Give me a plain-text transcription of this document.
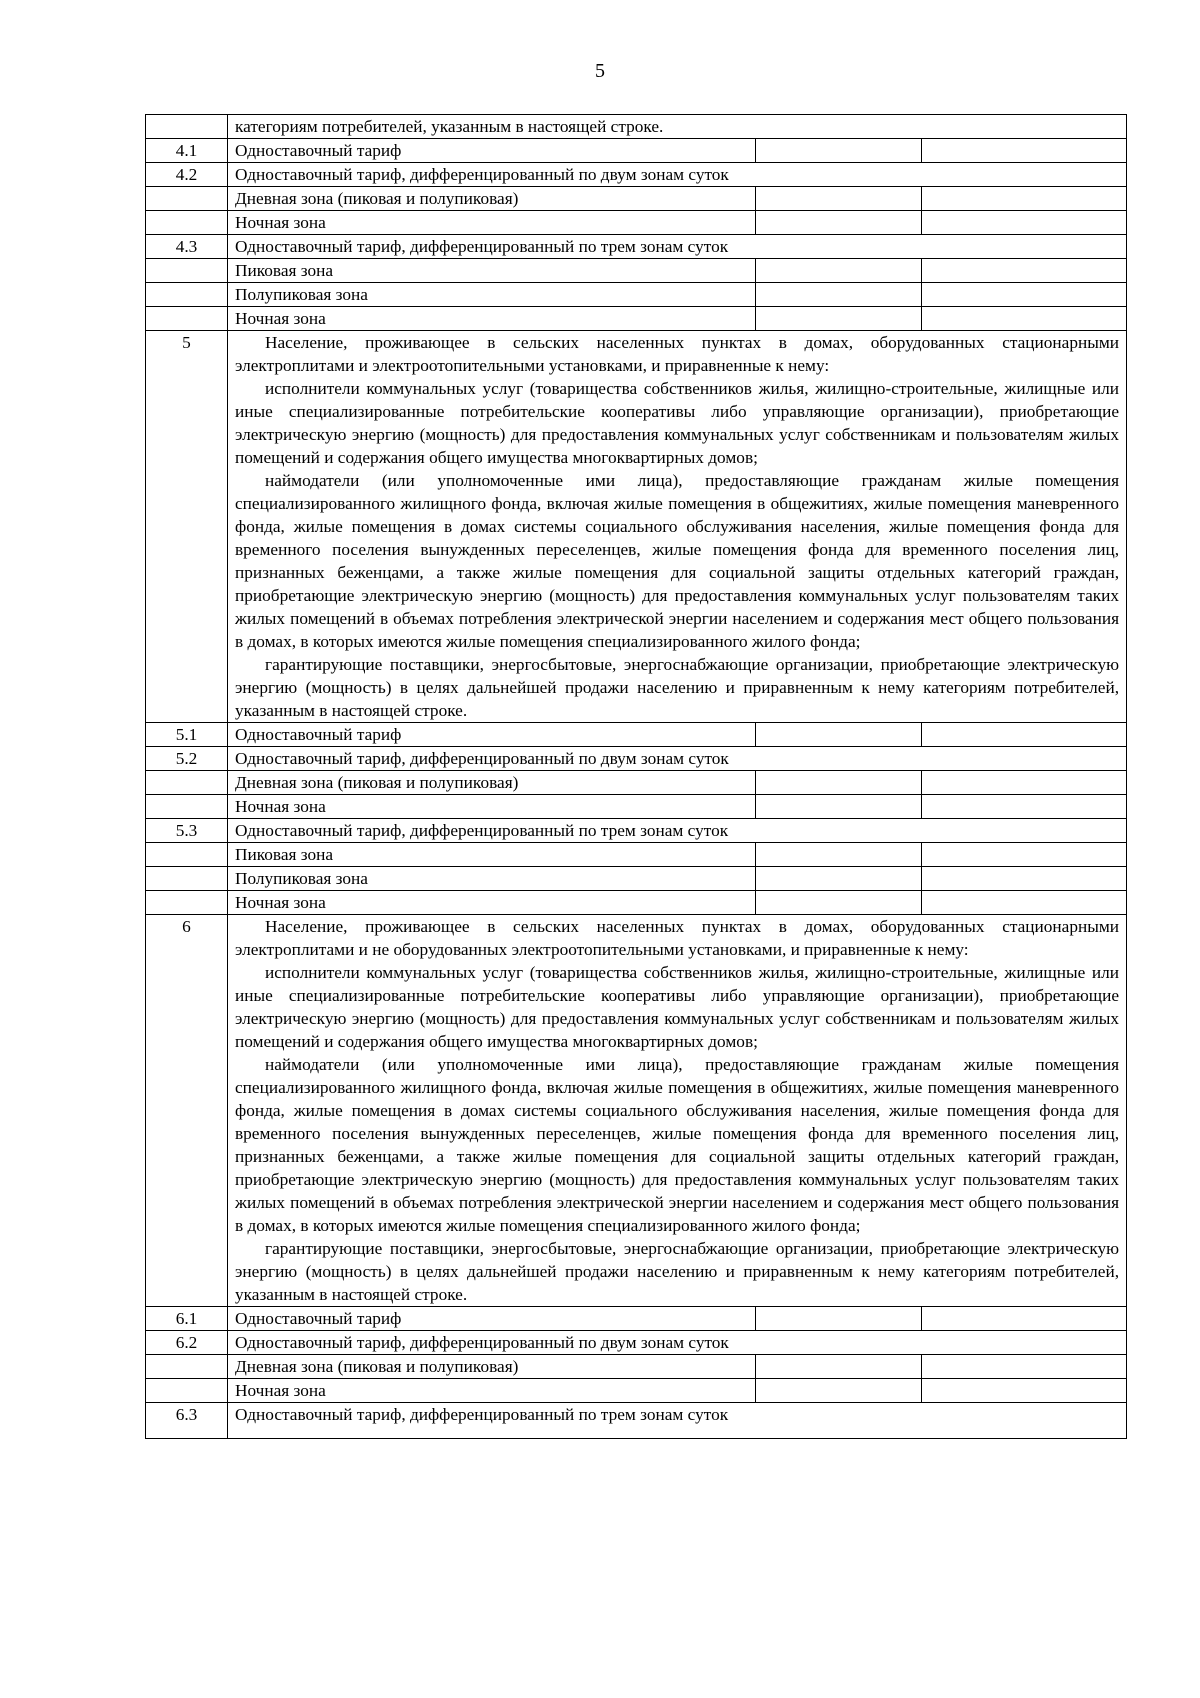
5
	категориям потребителей, указанным в настоящей строке.		
4.1	Одноставочный тариф		
4.2	Одноставочный тариф, дифференцированный по двум зонам суток		
	Дневная зона (пиковая и полупиковая)		
	Ночная зона		
4.3	Одноставочный тариф, дифференцированный по трем зонам суток		
	Пиковая зона		
	Полупиковая зона		
	Ночная зона		
5	Население, проживающее в сельских населенных пунктах в домах, оборудованных стационарными электроплитами и электроотопительными установками, и приравненные к нему:

исполнители коммунальных услуг (товарищества собственников жилья, жилищно-строительные, жилищные или иные специализированные потребительские кооперативы либо управляющие организации), приобретающие электрическую энергию (мощность) для предоставления коммунальных услуг собственникам и пользователям жилых помещений и содержания общего имущества многоквартирных домов;

наймодатели (или уполномоченные ими лица), предоставляющие гражданам жилые помещения специализированного жилищного фонда, включая жилые помещения в общежитиях, жилые помещения маневренного фонда, жилые помещения в домах системы социального обслуживания населения, жилые помещения фонда для временного поселения вынужденных переселенцев, жилые помещения фонда для временного поселения лиц, признанных беженцами, а также жилые помещения для социальной защиты отдельных категорий граждан, приобретающие электрическую энергию (мощность) для предоставления коммунальных услуг пользователям таких жилых помещений в объемах потребления электрической энергии населением и содержания мест общего пользования в домах, в которых имеются жилые помещения специализированного жилого фонда;

гарантирующие поставщики, энергосбытовые, энергоснабжающие организации, приобретающие электрическую энергию (мощность) в целях дальнейшей продажи населению и приравненным к нему категориям потребителей, указанным в настоящей строке.		

5.1	Одноставочный тариф		
5.2	Одноставочный тариф, дифференцированный по двум зонам суток		
	Дневная зона (пиковая и полупиковая)		
	Ночная зона		
5.3	Одноставочный тариф, дифференцированный по трем зонам суток		
	Пиковая зона		
	Полупиковая зона		
	Ночная зона		
6	Население, проживающее в сельских населенных пунктах в домах, оборудованных стационарными электроплитами и не оборудованных электроотопительными установками, и приравненные к нему:

исполнители коммунальных услуг (товарищества собственников жилья, жилищно-строительные, жилищные или иные специализированные потребительские кооперативы либо управляющие организации), приобретающие электрическую энергию (мощность) для предоставления коммунальных услуг собственникам и пользователям жилых помещений и содержания общего имущества многоквартирных домов;

наймодатели (или уполномоченные ими лица), предоставляющие гражданам жилые помещения специализированного жилищного фонда, включая жилые помещения в общежитиях, жилые помещения маневренного фонда, жилые помещения в домах системы социального обслуживания населения, жилые помещения фонда для временного поселения вынужденных переселенцев, жилые помещения фонда для временного поселения лиц, признанных беженцами, а также жилые помещения для социальной защиты отдельных категорий граждан, приобретающие электрическую энергию (мощность) для предоставления коммунальных услуг пользователям таких жилых помещений в объемах потребления электрической энергии населением и содержания мест общего пользования в домах, в которых имеются жилые помещения специализированного жилого фонда;

гарантирующие поставщики, энергосбытовые, энергоснабжающие организации, приобретающие электрическую энергию (мощность) в целях дальнейшей продажи населению и приравненным к нему категориям потребителей, указанным в настоящей строке.		

6.1	Одноставочный тариф		
6.2	Одноставочный тариф, дифференцированный по двум зонам суток		
	Дневная зона (пиковая и полупиковая)		
	Ночная зона		
6.3	Одноставочный тариф, дифференцированный по трем зонам суток		
